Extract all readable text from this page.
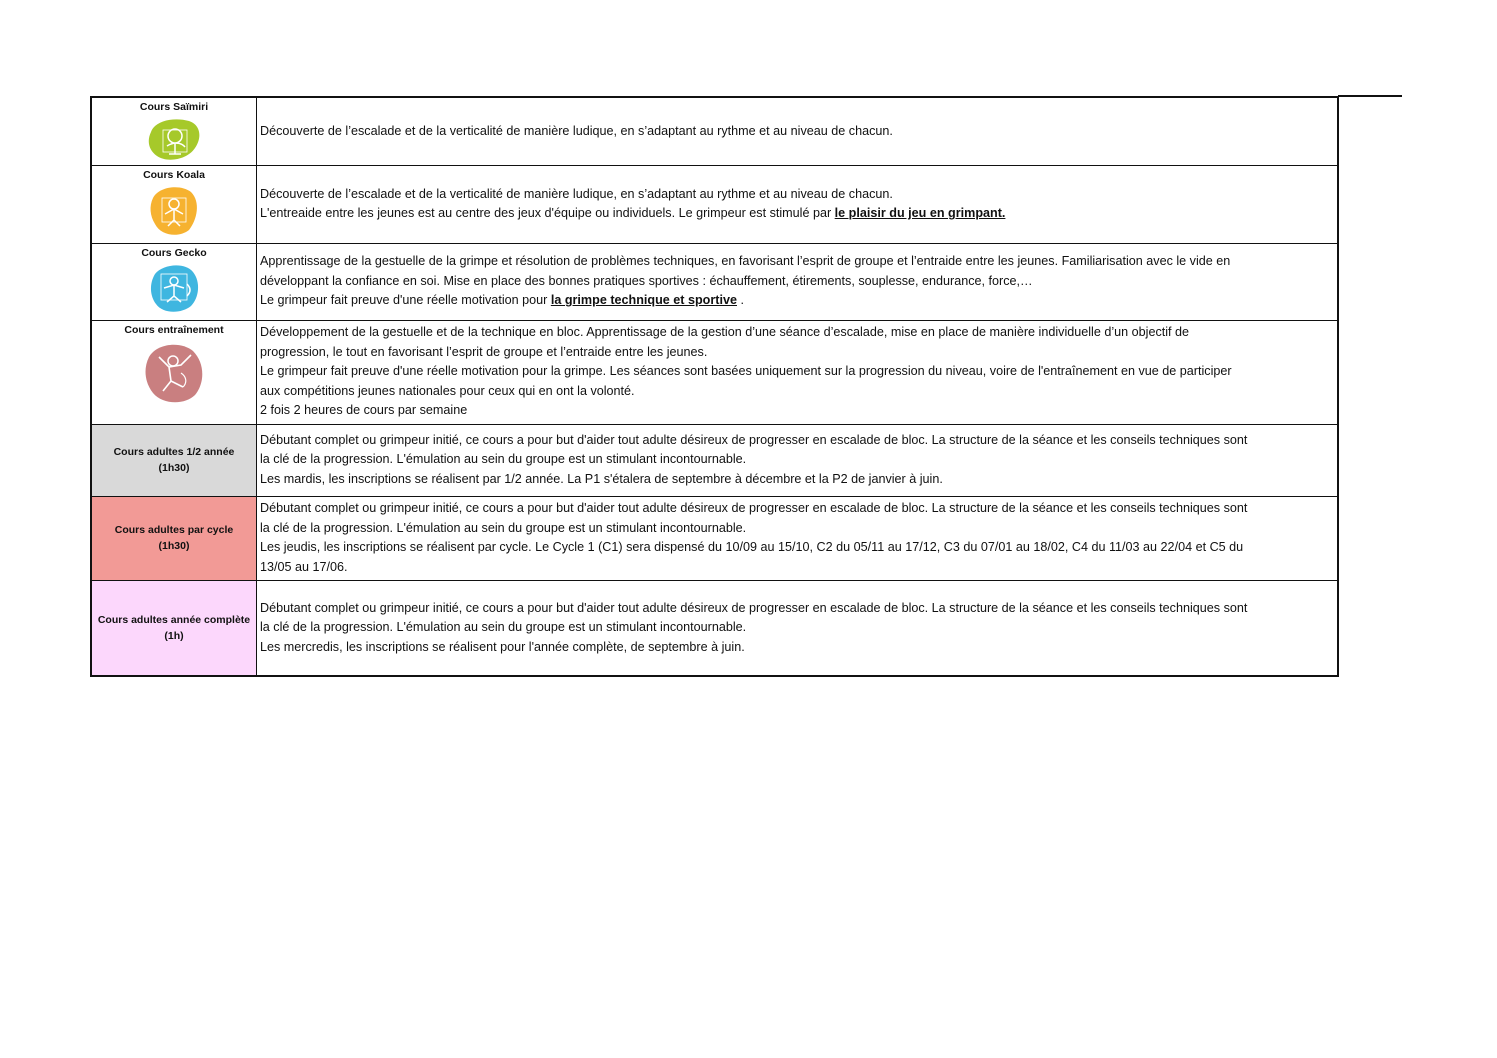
Cours Saïmiri	Découverte de l’escalade et de la verticalité de manière ludique, en s’adaptant au rythme et au niveau de chacun.

Cours Koala	Découverte de l’escalade et de la verticalité de manière ludique, en s’adaptant au rythme et au niveau de chacun.
L'entreaide entre les jeunes est au centre des jeux d'équipe ou individuels. Le grimpeur est stimulé par le plaisir du jeu en grimpant.

Cours Gecko	Apprentissage de la gestuelle de la grimpe et résolution de problèmes techniques, en favorisant l’esprit de groupe et l’entraide entre les jeunes. Familiarisation avec le vide en
développant la confiance en soi. Mise en place des bonnes pratiques sportives : échauffement, étirements, souplesse, endurance, force,…
Le grimpeur fait preuve d'une réelle motivation pour la grimpe technique et sportive .

Cours entraînement	Développement de la gestuelle et de la technique en bloc. Apprentissage de la gestion d’une séance d’escalade, mise en place de manière individuelle d’un objectif de
progression, le tout en favorisant l’esprit de groupe et l’entraide entre les jeunes.
Le grimpeur fait preuve d'une réelle motivation pour la grimpe. Les séances sont basées uniquement sur la progression du niveau, voire de l'entraînement en vue de participer
aux compétitions jeunes nationales pour ceux qui en ont la volonté.
2 fois 2 heures de cours par semaine

Cours adultes 1/2 année
(1h30)	Débutant complet ou grimpeur initié, ce cours a pour but d'aider tout adulte désireux de progresser en escalade de bloc. La structure de la séance et les conseils techniques sont
la clé de la progression. L'émulation au sein du groupe est un stimulant incontournable.
Les mardis, les inscriptions se réalisent par 1/2 année. La P1 s'étalera de septembre à décembre et la P2 de janvier à juin.

Cours adultes par cycle
(1h30)	Débutant complet ou grimpeur initié, ce cours a pour but d'aider tout adulte désireux de progresser en escalade de bloc. La structure de la séance et les conseils techniques sont
la clé de la progression. L'émulation au sein du groupe est un stimulant incontournable.
Les jeudis, les inscriptions se réalisent par cycle. Le Cycle 1 (C1) sera dispensé du 10/09 au 15/10, C2 du 05/11 au 17/12, C3 du 07/01 au 18/02, C4 du 11/03 au 22/04 et C5 du
13/05 au 17/06.

Cours adultes année complète
(1h)	Débutant complet ou grimpeur initié, ce cours a pour but d'aider tout adulte désireux de progresser en escalade de bloc. La structure de la séance et les conseils techniques sont
la clé de la progression. L'émulation au sein du groupe est un stimulant incontournable.
Les mercredis, les inscriptions se réalisent pour l'année complète, de septembre à juin.
